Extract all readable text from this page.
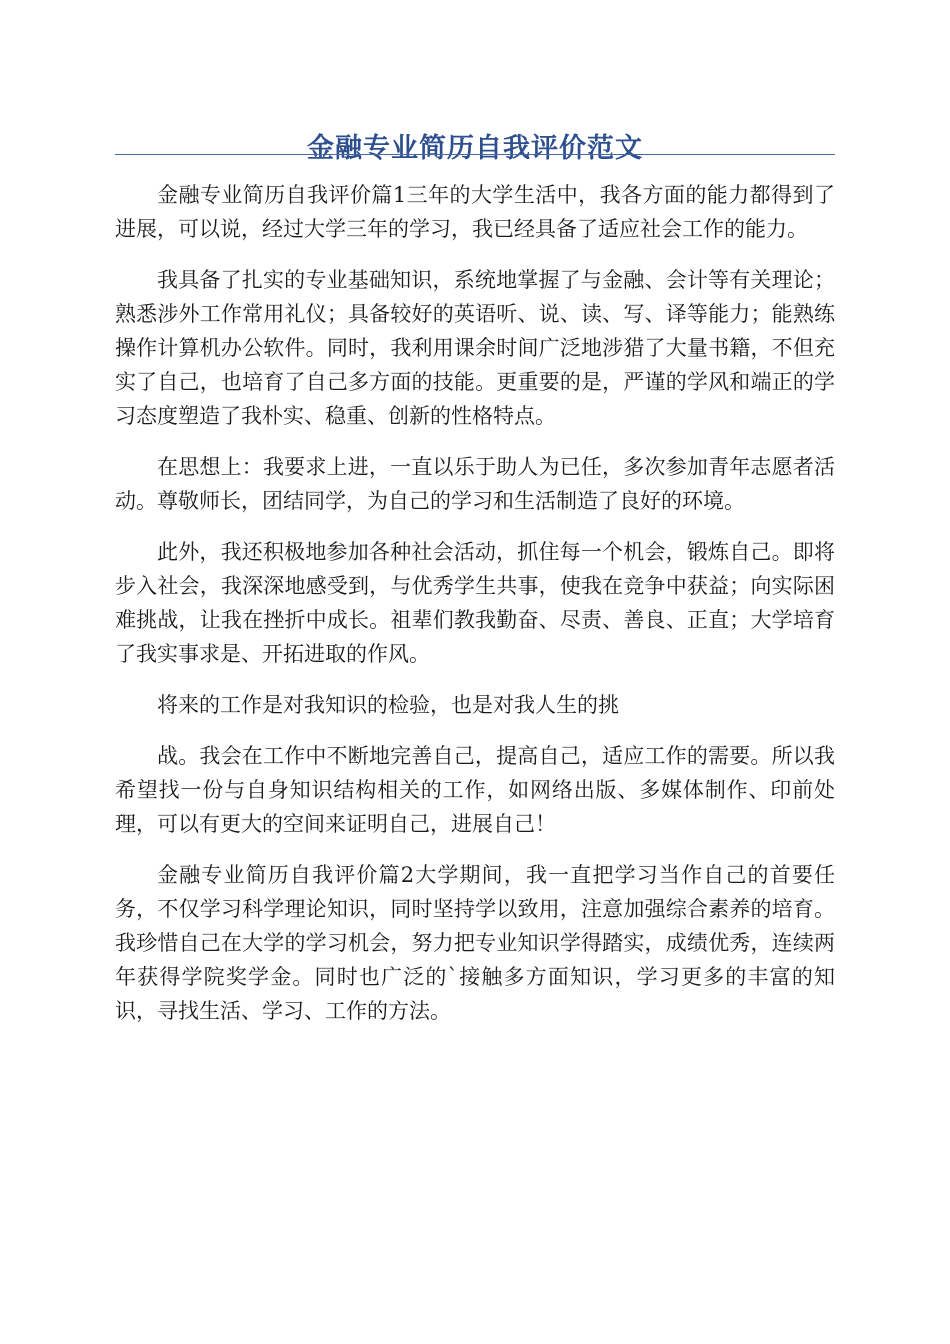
金融专业简历自我评价范文

金融专业简历自我评价篇1三年的大学生活中，我各方面的能力都得到了进展，可以说，经过大学三年的学习，我已经具备了适应社会工作的能力。

我具备了扎实的专业基础知识，系统地掌握了与金融、会计等有关理论；熟悉涉外工作常用礼仪；具备较好的英语听、说、读、写、译等能力；能熟练操作计算机办公软件。同时，我利用课余时间广泛地涉猎了大量书籍，不但充实了自己，也培育了自己多方面的技能。更重要的是，严谨的学风和端正的学习态度塑造了我朴实、稳重、创新的性格特点。

在思想上：我要求上进，一直以乐于助人为已任，多次参加青年志愿者活动。尊敬师长，团结同学，为自己的学习和生活制造了良好的环境。

此外，我还积极地参加各种社会活动，抓住每一个机会，锻炼自己。即将步入社会，我深深地感受到，与优秀学生共事，使我在竞争中获益；向实际困难挑战，让我在挫折中成长。祖辈们教我勤奋、尽责、善良、正直；大学培育了我实事求是、开拓进取的作风。

将来的工作是对我知识的检验，也是对我人生的挑

战。我会在工作中不断地完善自己，提高自己，适应工作的需要。所以我希望找一份与自身知识结构相关的工作，如网络出版、多媒体制作、印前处理，可以有更大的空间来证明自己，进展自己！

金融专业简历自我评价篇2大学期间，我一直把学习当作自己的首要任务，不仅学习科学理论知识，同时坚持学以致用，注意加强综合素养的培育。我珍惜自己在大学的学习机会，努力把专业知识学得踏实，成绩优秀，连续两年获得学院奖学金。同时也广泛的`接触多方面知识，学习更多的丰富的知识，寻找生活、学习、工作的方法。
